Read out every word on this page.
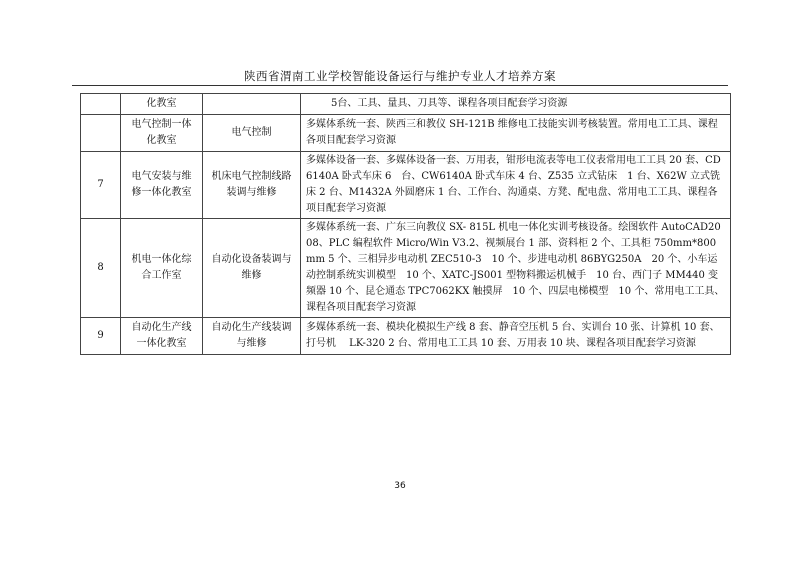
陕西省渭南工业学校智能设备运行与维护专业人才培养方案
	化教室		5台、工具、量具、刀具等、课程各项目配套学习资源
	电气控制一体化教室	电气控制	多媒体系统一套、陕西三和教仪 SH-121B 维修电工技能实训考核装置。常用电工工具、课程各项目配套学习资源
7	电气安装与维修一体化教室	机床电气控制线路装调与维修	多媒体设备一套、多媒体设备一套、万用表，钳形电流表等电工仪表常用电工工具 20 套、CD6140A 卧式车床 6　台、CW6140A 卧式车床 4 台、Z535 立式钻床　1 台、X62W 立式铣床 2 台、M1432A 外圆磨床 1 台、工作台、沟通桌、方凳、配电盘、常用电工工具、课程各项目配套学习资源
8	机电一体化综合工作室	自动化设备装调与维修	多媒体系统一套、广东三向教仪 SX- 815L 机电一体化实训考核设备。绘图软件 AutoCAD2008、PLC 编程软件 Micro/Win V3.2、视频展台 1 部、资料柜 2 个、工具柜 750mm*800mm 5 个、三相异步电动机 ZEC510-3　10 个、步进电动机 86BYG250A　20 个、小车运动控制系统实训模型　10 个、XATC-JS001 型物料搬运机械手　10 台、西门子 MM440 变频器 10 个、昆仑通态 TPC7062KX 触摸屏　10 个、四层电梯模型　10 个、常用电工工具、课程各项目配套学习资源
9	自动化生产线一体化教室	自动化生产线装调与维修	多媒体系统一套、模块化模拟生产线 8 套、静音空压机 5 台、实训台 10 张、计算机 10 套、打号机　 LK-320 2 台、常用电工工具 10 套、万用表 10 块、课程各项目配套学习资源
36
